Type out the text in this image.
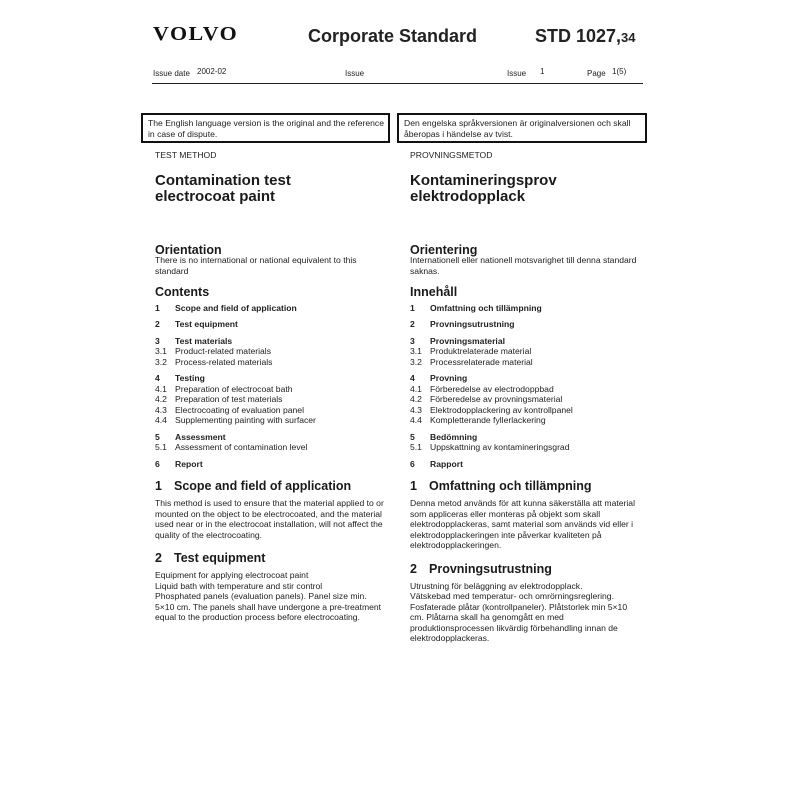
VOLVO	Corporate Standard	STD 1027,34
Issue date 2002-02	Issue	Issue 1	Page 1(5)
The English language version is the original and the reference in case of dispute.
Den engelska språkversionen är originalversionen och skall åberopas i händelse av tvist.

TEST METHOD

Contamination test
electrocoat paint
Orientation

There is no international or national equivalent to this standard

Contents
1	Scope and field of application
2	Test equipment
3	Test materials
3.1 Product-related materials
3.2 Process-related materials
4	Testing
4.1 Preparation of electrocoat bath
4.2 Preparation of test materials
4.3 Electrocoating of evaluation panel
4.4 Supplementing painting with surfacer
5	Assessment
5.1 Assessment of contamination level
6	Report
1 Scope and field of application

This method is used to ensure that the material applied to or mounted on the object to be electrocoated, and the material used near or in the electrocoat installation, will not affect the quality of the electrocoating.

2 Test equipment

Equipment for applying electrocoat paint

Liquid bath with temperature and stir control

Phosphated panels (evaluation panels). Panel size min. 5×10 cm. The panels shall have undergone a pre-treatment equal to the production process before electrocoating.

PROVNINGSMETOD

Kontamineringsprov
elektrodopplack
Orientering

Internationell eller nationell motsvarighet till denna standard saknas.

Innehåll
1	Omfattning och tillämpning
2	Provningsutrustning
3	Provningsmaterial
3.1 Produktrelaterade material
3.2 Processrelaterade material
4	Provning
4.1 Förberedelse av electrodoppbad
4.2 Förberedelse av provningsmaterial
4.3 Elektrodopplackering av kontrollpanel
4.4 Kompletterande fyllerlackering
5	Bedömning
5.1 Uppskattning av kontamineringsgrad
6	Rapport
1 Omfattning och tillämpning

Denna metod används för att kunna säkerställa att material som appliceras eller monteras på objekt som skall elektrodopplackeras, samt material som används vid eller i elektrodopplackeringen inte påverkar kvaliteten på elektrodopplackeringen.

2 Provningsutrustning

Utrustning för beläggning av elektrodopplack.

Vätskebad med temperatur- och omrörningsreglering.

Fosfaterade plåtar (kontrollpaneler). Plåtstorlek min 5×10 cm. Plåtarna skall ha genomgått en med produktionsprocessen likvärdig förbehandling innan de elektrodopplackeras.
